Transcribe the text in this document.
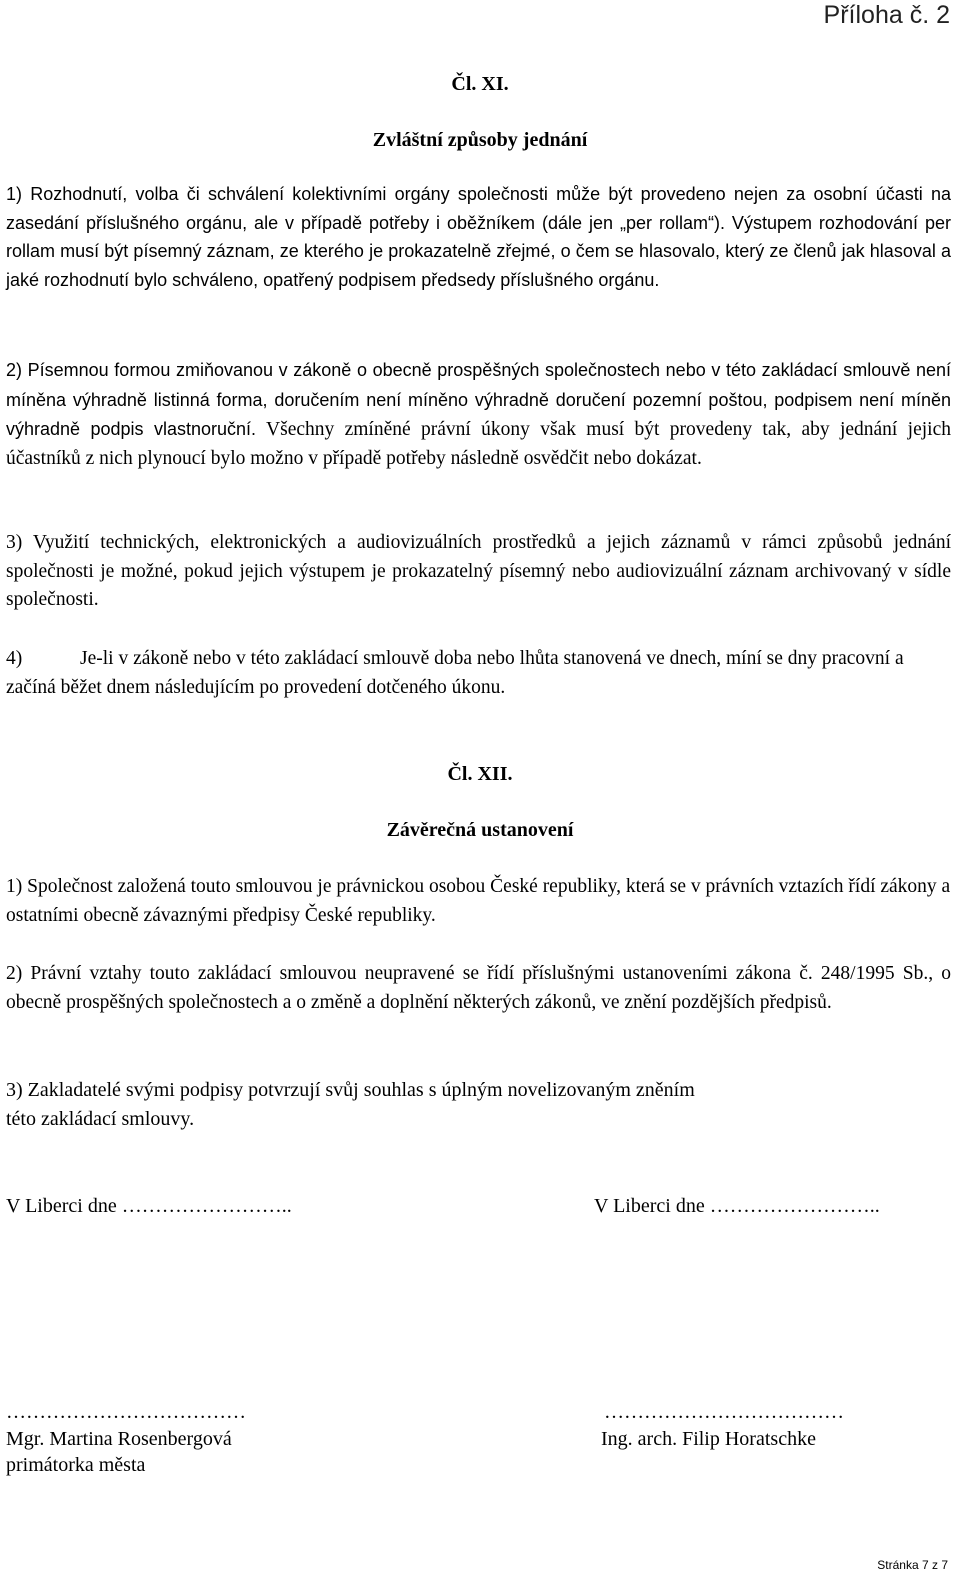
Příloha č. 2
Čl. XI.
Zvláštní způsoby jednání

1) Rozhodnutí, volba či schválení kolektivními orgány společnosti může být provedeno nejen za osobní účasti na zasedání příslušného orgánu, ale v případě potřeby i oběžníkem (dále jen „per rollam“). Výstupem rozhodování per rollam musí být písemný záznam, ze kterého je prokazatelně zřejmé, o čem se hlasovalo, který ze členů jak hlasoval a jaké rozhodnutí bylo schváleno, opatřený podpisem předsedy příslušného orgánu.

2) Písemnou formou zmiňovanou v zákoně o obecně prospěšných společnostech nebo v této zakládací smlouvě není míněna výhradně listinná forma, doručením není míněno výhradně doručení pozemní poštou, podpisem není míněn výhradně podpis vlastnoruční. Všechny zmíněné právní úkony však musí být provedeny tak, aby jednání jejich účastníků z nich plynoucí bylo možno v případě potřeby následně osvědčit nebo dokázat.

3) Využití technických, elektronických a audiovizuálních prostředků a jejich záznamů v rámci způsobů jednání společnosti je možné, pokud jejich výstupem je prokazatelný písemný nebo audiovizuální záznam archivovaný v sídle společnosti.

4)	Je-li v zákoně nebo v této zakládací smlouvě doba nebo lhůta stanovená ve dnech, míní se dny pracovní a začíná běžet dnem následujícím po provedení dotčeného úkonu.

Čl. XII.
Závěrečná ustanovení

1) Společnost založená touto smlouvou je právnickou osobou České republiky, která se v právních vztazích řídí zákony a ostatními obecně závaznými předpisy České republiky.

2) Právní vztahy touto zakládací smlouvou neupravené se řídí příslušnými ustanoveními zákona č. 248/1995 Sb., o obecně prospěšných společnostech a o změně a doplnění některých zákonů, ve znění pozdějších předpisů.

3) Zakladatelé svými podpisy potvrzují svůj souhlas s úplným novelizovaným zněním
této zakládací smlouvy.
V Liberci dne ……………………..	V Liberci dne ……………………..
………………………………	………………………………
Mgr. Martina Rosenbergová
primátorka města
Ing. arch. Filip Horatschke
Stránka 7 z 7
